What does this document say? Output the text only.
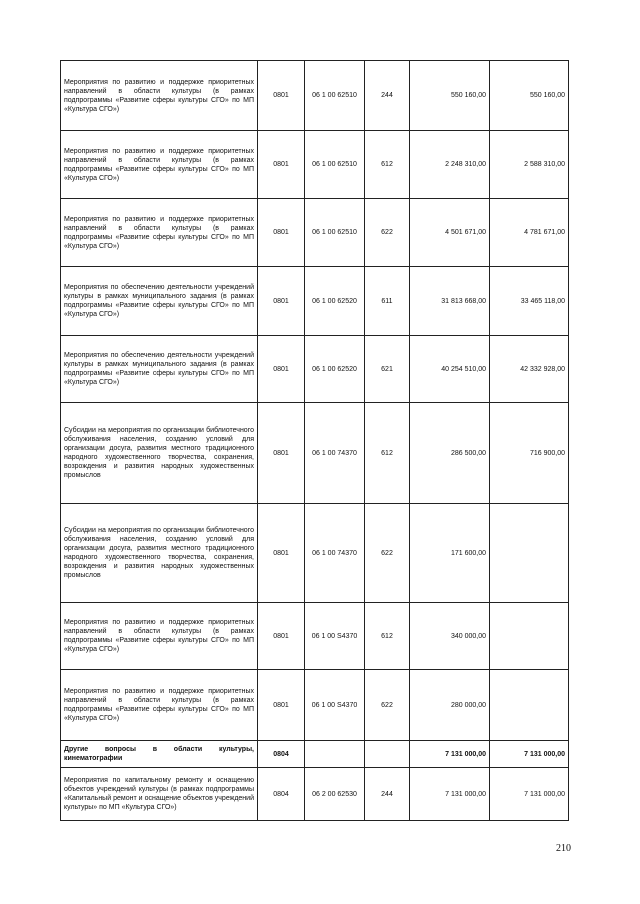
Мероприятия по развитию и поддержке приоритетных направлений в области культуры (в рамках подпрограммы «Развитие сферы культуры СГО» по МП «Культура СГО»)	0801	06 1 00 62510	244	550 160,00	550 160,00
Мероприятия по развитию и поддержке приоритетных направлений в области культуры (в рамках подпрограммы «Развитие сферы культуры СГО» по МП «Культура СГО»)	0801	06 1 00 62510	612	2 248 310,00	2 588 310,00
Мероприятия по развитию и поддержке приоритетных направлений в области культуры (в рамках подпрограммы «Развитие сферы культуры СГО» по МП «Культура СГО»)	0801	06 1 00 62510	622	4 501 671,00	4 781 671,00
Мероприятия по обеспечению деятельности учреждений культуры в рамках муниципального задания (в рамках подпрограммы «Развитие сферы культуры СГО» по МП «Культура СГО»)	0801	06 1 00 62520	611	31 813 668,00	33 465 118,00
Мероприятия по обеспечению деятельности учреждений культуры в рамках муниципального задания (в рамках подпрограммы «Развитие сферы культуры СГО» по МП «Культура СГО»)	0801	06 1 00 62520	621	40 254 510,00	42 332 928,00
Субсидии на мероприятия по организации библиотечного обслуживания населения, созданию условий для организации досуга, развития местного традиционного народного художественного творчества, сохранения, возрождения и развития народных художественных промыслов	0801	06 1 00 74370	612	286 500,00	716 900,00
Субсидии на мероприятия по организации библиотечного обслуживания населения, созданию условий для организации досуга, развития местного традиционного народного художественного творчества, сохранения, возрождения и развития народных художественных промыслов	0801	06 1 00 74370	622	171 600,00	
Мероприятия по развитию и поддержке приоритетных направлений в области культуры (в рамках подпрограммы «Развитие сферы культуры СГО» по МП «Культура СГО»)	0801	06 1 00 S4370	612	340 000,00	
Мероприятия по развитию и поддержке приоритетных направлений в области культуры (в рамках подпрограммы «Развитие сферы культуры СГО» по МП «Культура СГО»)	0801	06 1 00 S4370	622	280 000,00	
Другие вопросы в области культуры, кинематографии	0804			7 131 000,00	7 131 000,00
Мероприятия по капитальному ремонту и оснащению объектов учреждений культуры (в рамках подпрограммы «Капитальный ремонт и оснащение объектов учреждений культуры» по МП «Культура СГО»)	0804	06 2 00 62530	244	7 131 000,00	7 131 000,00
210
